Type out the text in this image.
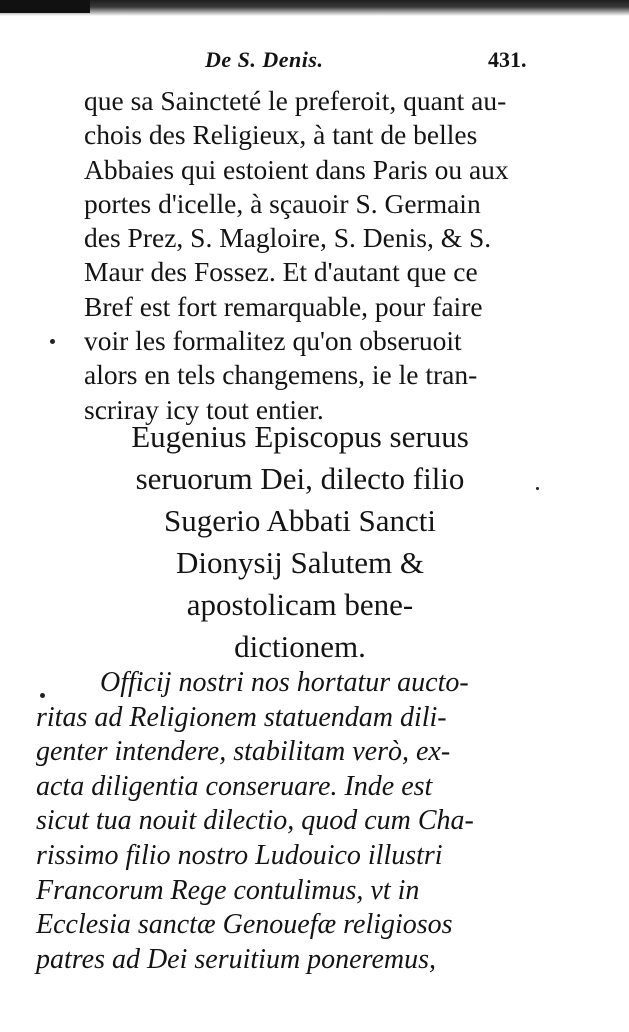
De S. Denis.	431.
que sa Saincteté le preferoit, quant au-
chois des Religieux, à tant de belles
Abbaies qui estoient dans Paris ou aux
portes d'icelle, à sçauoir S. Germain
des Prez, S. Magloire, S. Denis, & S.
Maur des Fossez. Et d'autant que ce
Bref est fort remarquable, pour faire
voir les formalitez qu'on obseruoit
alors en tels changemens, ie le tran-
scriray icy tout entier.
Eugenius Episcopus seruus
seruorum Dei, dilecto filio
Sugerio Abbati Sancti
Dionysij Salutem &
apostolicam bene-
dictionem.
Officij nostri nos hortatur aucto-
ritas ad Religionem statuendam dili-
genter intendere, stabilitam verò, ex-
acta diligentia conseruare. Inde est
sicut tua nouit dilectio, quod cum Cha-
rissimo filio nostro Ludouico illustri
Francorum Rege contulimus, vt in
Ecclesia sanctæ Genouefæ religiosos
patres ad Dei seruitium poneremus,
